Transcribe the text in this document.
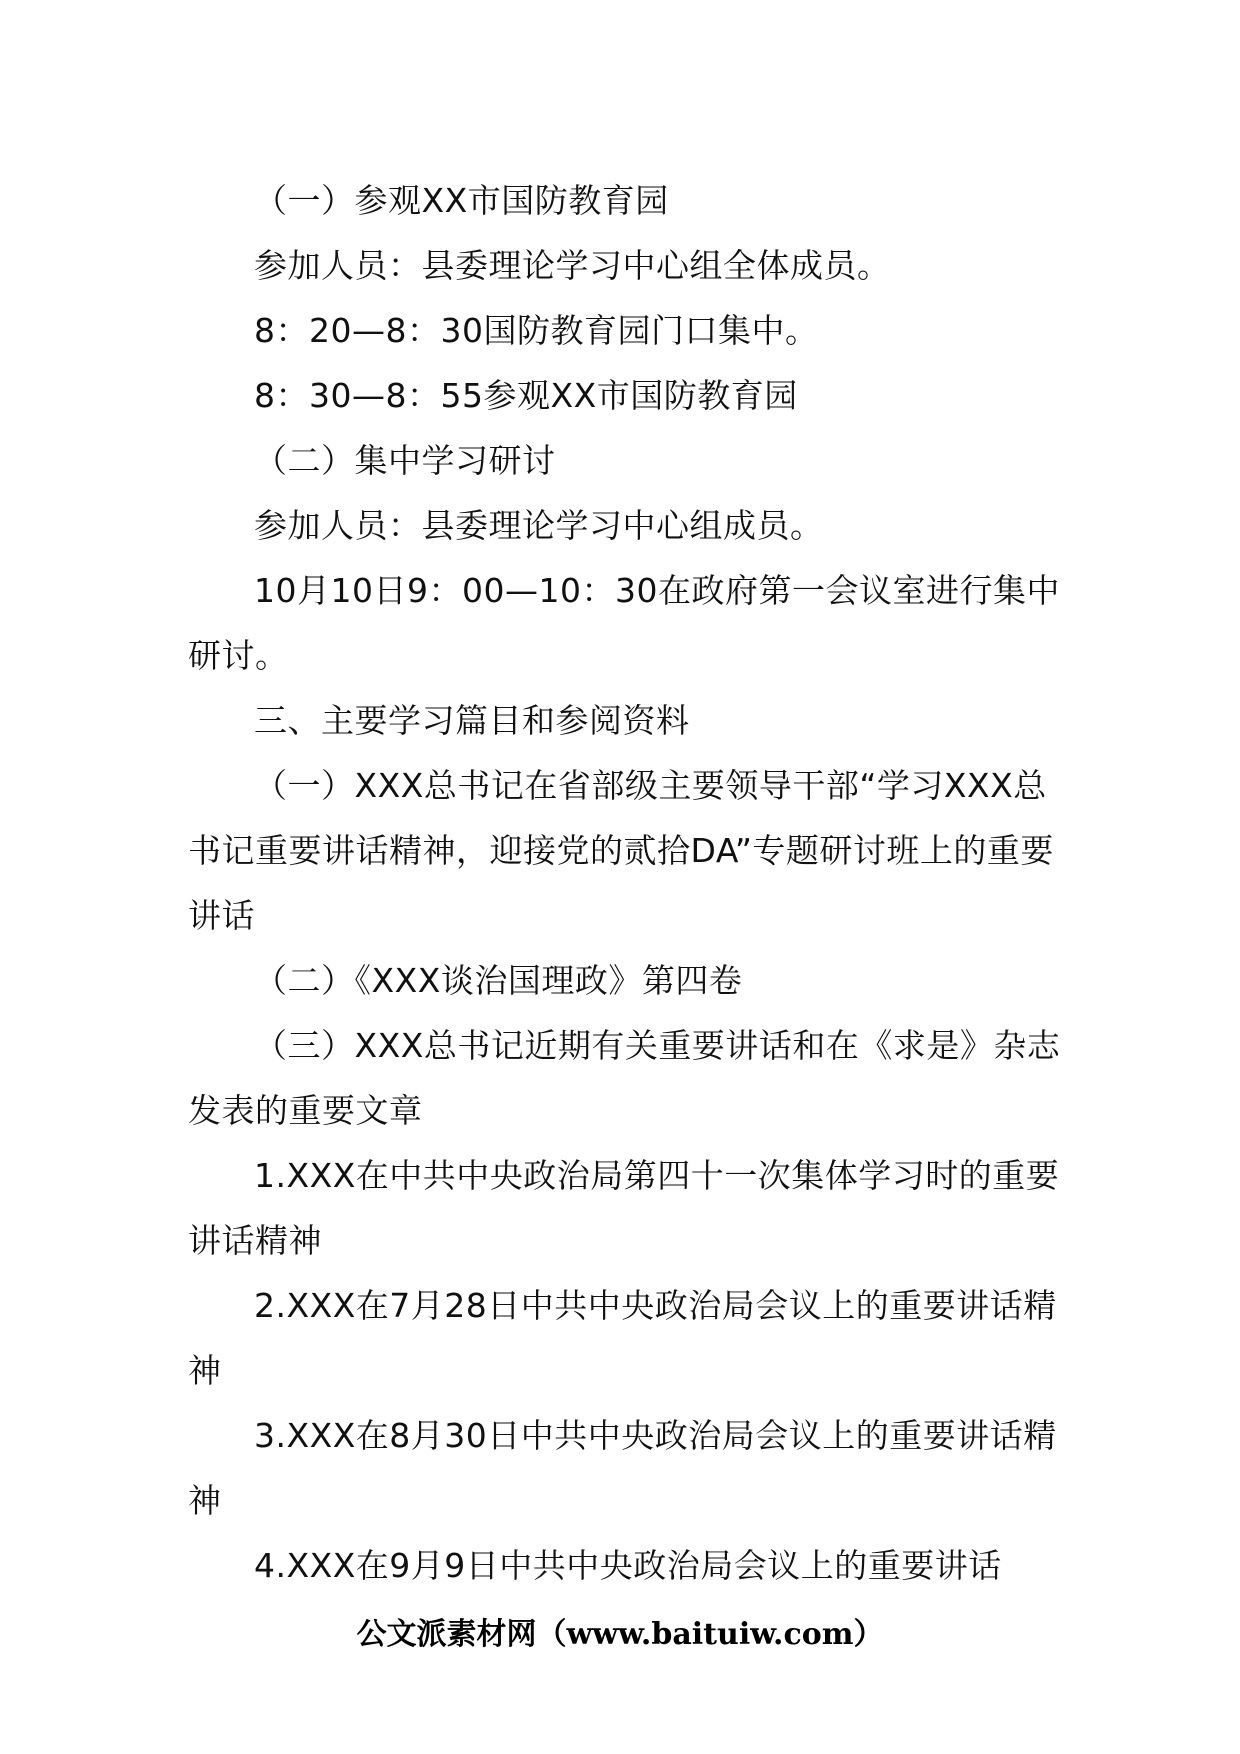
（一）参观XX市国防教育园

参加人员：县委理论学习中心组全体成员。

8：20—8：30国防教育园门口集中。

8：30—8：55参观XX市国防教育园

（二）集中学习研讨

参加人员：县委理论学习中心组成员。

10月10日9：00—10：30在政府第一会议室进行集中研讨。

三、主要学习篇目和参阅资料

（一）XXX总书记在省部级主要领导干部“学习XXX总书记重要讲话精神，迎接党的贰拾DA”专题研讨班上的重要讲话

（二）《XXX谈治国理政》第四卷

（三）XXX总书记近期有关重要讲话和在《求是》杂志发表的重要文章

1.XXX在中共中央政治局第四十一次集体学习时的重要讲话精神

2.XXX在7月28日中共中央政治局会议上的重要讲话精神

3.XXX在8月30日中共中央政治局会议上的重要讲话精神

4.XXX在9月9日中共中央政治局会议上的重要讲话

公文派素材网（www.baituiw.com）
